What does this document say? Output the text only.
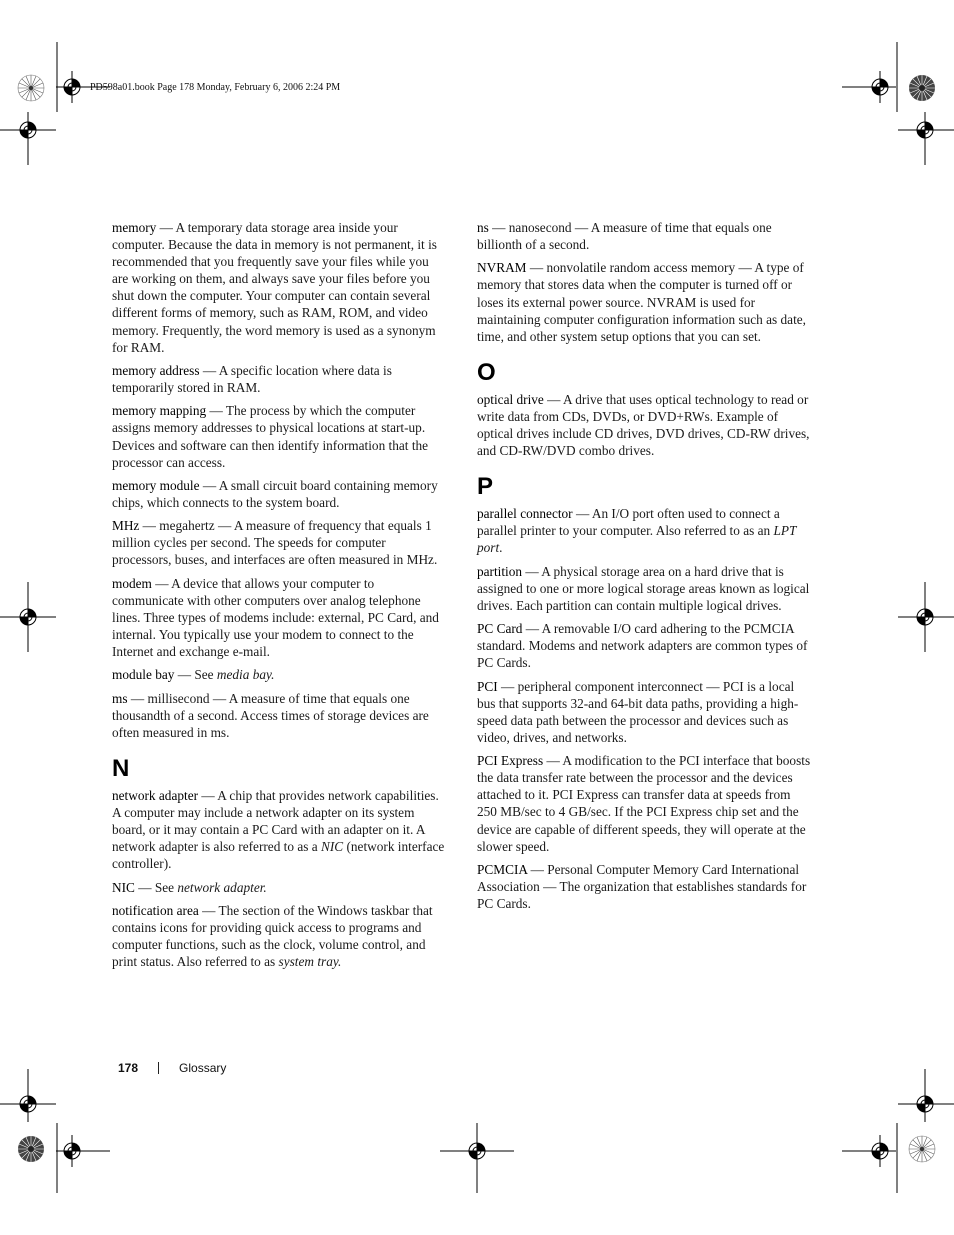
PD598a01.book Page 178 Monday, February 6, 2006 2:24 PM

memory — A temporary data storage area inside your computer. Because the data in memory is not permanent, it is recommended that you frequently save your files while you are working on them, and always save your files before you shut down the computer. Your computer can contain several different forms of memory, such as RAM, ROM, and video memory. Frequently, the word memory is used as a synonym for RAM.

memory address — A specific location where data is temporarily stored in RAM.

memory mapping — The process by which the computer assigns memory addresses to physical locations at start-up. Devices and software can then identify information that the processor can access.

memory module — A small circuit board containing memory chips, which connects to the system board.

MHz — megahertz — A measure of frequency that equals 1 million cycles per second. The speeds for computer processors, buses, and interfaces are often measured in MHz.

modem — A device that allows your computer to communicate with other computers over analog telephone lines. Three types of modems include: external, PC Card, and internal. You typically use your modem to connect to the Internet and exchange e-mail.

module bay — See media bay.

ms — millisecond — A measure of time that equals one thousandth of a second. Access times of storage devices are often measured in ms.

N

network adapter — A chip that provides network capabilities. A computer may include a network adapter on its system board, or it may contain a PC Card with an adapter on it. A network adapter is also referred to as a NIC (network interface controller).

NIC — See network adapter.

notification area — The section of the Windows taskbar that contains icons for providing quick access to programs and computer functions, such as the clock, volume control, and print status. Also referred to as system tray.

ns — nanosecond — A measure of time that equals one billionth of a second.

NVRAM — nonvolatile random access memory — A type of memory that stores data when the computer is turned off or loses its external power source. NVRAM is used for maintaining computer configuration information such as date, time, and other system setup options that you can set.

O

optical drive — A drive that uses optical technology to read or write data from CDs, DVDs, or DVD+RWs. Example of optical drives include CD drives, DVD drives, CD-RW drives, and CD-RW/DVD combo drives.

P

parallel connector — An I/O port often used to connect a parallel printer to your computer. Also referred to as an LPT port.

partition — A physical storage area on a hard drive that is assigned to one or more logical storage areas known as logical drives. Each partition can contain multiple logical drives.

PC Card — A removable I/O card adhering to the PCMCIA standard. Modems and network adapters are common types of PC Cards.

PCI — peripheral component interconnect — PCI is a local bus that supports 32-and 64-bit data paths, providing a high-speed data path between the processor and devices such as video, drives, and networks.

PCI Express — A modification to the PCI interface that boosts the data transfer rate between the processor and the devices attached to it. PCI Express can transfer data at speeds from 250 MB/sec to 4 GB/sec. If the PCI Express chip set and the device are capable of different speeds, they will operate at the slower speed.

PCMCIA — Personal Computer Memory Card International Association — The organization that establishes standards for PC Cards.

178	Glossary
